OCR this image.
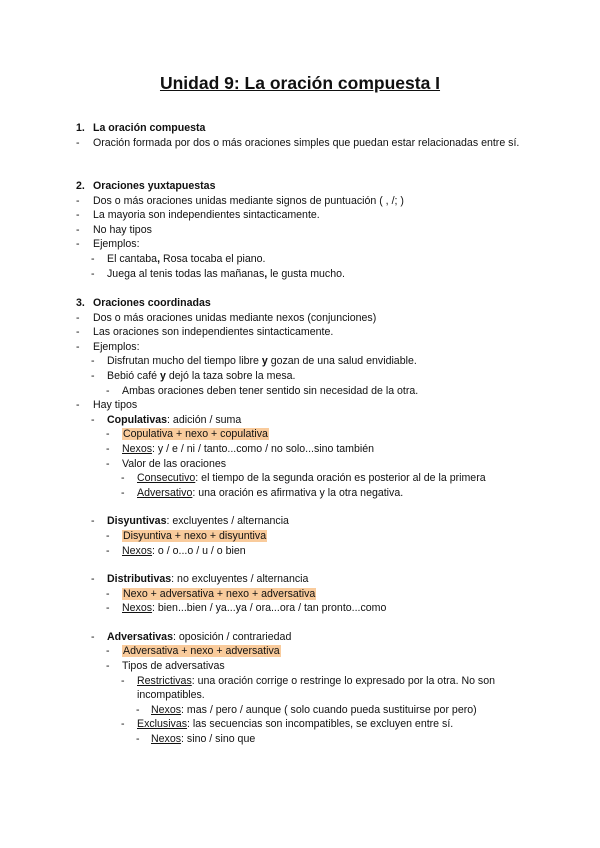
Unidad 9: La oración compuesta I
1. La oración compuesta

- Oración formada por dos o más oraciones simples que puedan estar relacionadas entre sí.
2. Oraciones yuxtapuestas

- Dos o más oraciones unidas mediante signos de puntuación ( , /; )
- La mayoria son independientes sintacticamente.
- No hay tipos
- Ejemplos:
- El cantaba, Rosa tocaba el piano.
- Juega al tenis todas las mañanas, le gusta mucho.
3. Oraciones coordinadas

- Dos o más oraciones unidas mediante nexos (conjunciones)
- Las oraciones son independientes sintacticamente.
- Ejemplos:
- Disfrutan mucho del tiempo libre y gozan de una salud envidiable.
- Bebió café y dejó la taza sobre la mesa.
- Ambas oraciones deben tener sentido sin necesidad de la otra.
- Hay tipos
- Copulativas: adición / suma
- Copulativa + nexo + copulativa
- Nexos: y / e / ni / tanto...como / no solo...sino también
- Valor de las oraciones
- Consecutivo: el tiempo de la segunda oración es posterior al de la primera
- Adversativo: una oración es afirmativa y la otra negativa.
- Disyuntivas: excluyentes / alternancia
- Disyuntiva + nexo + disyuntiva
- Nexos: o / o...o / u / o bien
- Distributivas: no excluyentes / alternancia
- Nexo + adversativa + nexo + adversativa
- Nexos: bien...bien / ya...ya / ora...ora / tan pronto...como
- Adversativas: oposición / contrariedad
- Adversativa + nexo + adversativa
- Tipos de adversativas
- Restrictivas: una oración corrige o restringe lo expresado por la otra. No son incompatibles.
- Nexos: mas / pero / aunque ( solo cuando pueda sustituirse por pero)
- Exclusivas: las secuencias son incompatibles, se excluyen entre sí.
- Nexos: sino / sino que
